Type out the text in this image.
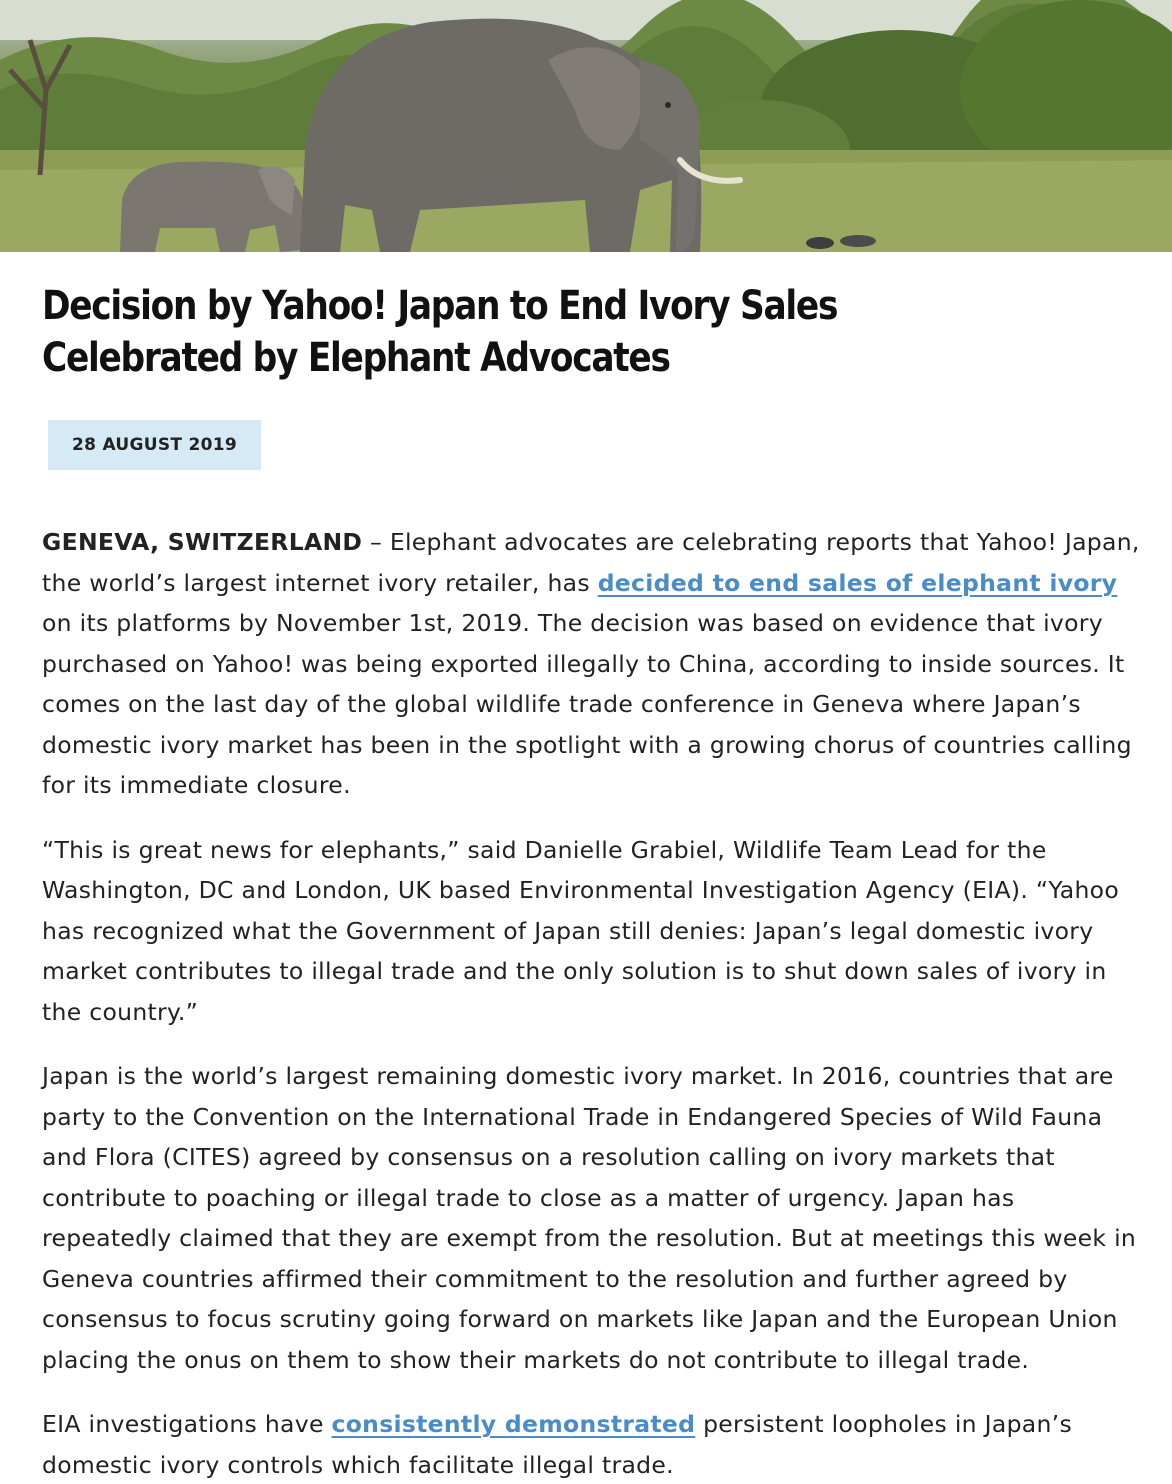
Decision by Yahoo! Japan to End Ivory Sales Celebrated by Elephant Advocates
28 AUGUST 2019

GENEVA, SWITZERLAND – Elephant advocates are celebrating reports that Yahoo! Japan, the world’s largest internet ivory retailer, has decided to end sales of elephant ivory on its platforms by November 1st, 2019. The decision was based on evidence that ivory purchased on Yahoo! was being exported illegally to China, according to inside sources. It comes on the last day of the global wildlife trade conference in Geneva where Japan’s domestic ivory market has been in the spotlight with a growing chorus of countries calling for its immediate closure.

“This is great news for elephants,” said Danielle Grabiel, Wildlife Team Lead for the Washington, DC and London, UK based Environmental Investigation Agency (EIA). “Yahoo has recognized what the Government of Japan still denies: Japan’s legal domestic ivory market contributes to illegal trade and the only solution is to shut down sales of ivory in the country.”

Japan is the world’s largest remaining domestic ivory market. In 2016, countries that are party to the Convention on the International Trade in Endangered Species of Wild Fauna and Flora (CITES) agreed by consensus on a resolution calling on ivory markets that contribute to poaching or illegal trade to close as a matter of urgency. Japan has repeatedly claimed that they are exempt from the resolution. But at meetings this week in Geneva countries affirmed their commitment to the resolution and further agreed by consensus to focus scrutiny going forward on markets like Japan and the European Union placing the onus on them to show their markets do not contribute to illegal trade.

EIA investigations have consistently demonstrated persistent loopholes in Japan’s domestic ivory controls which facilitate illegal trade.
